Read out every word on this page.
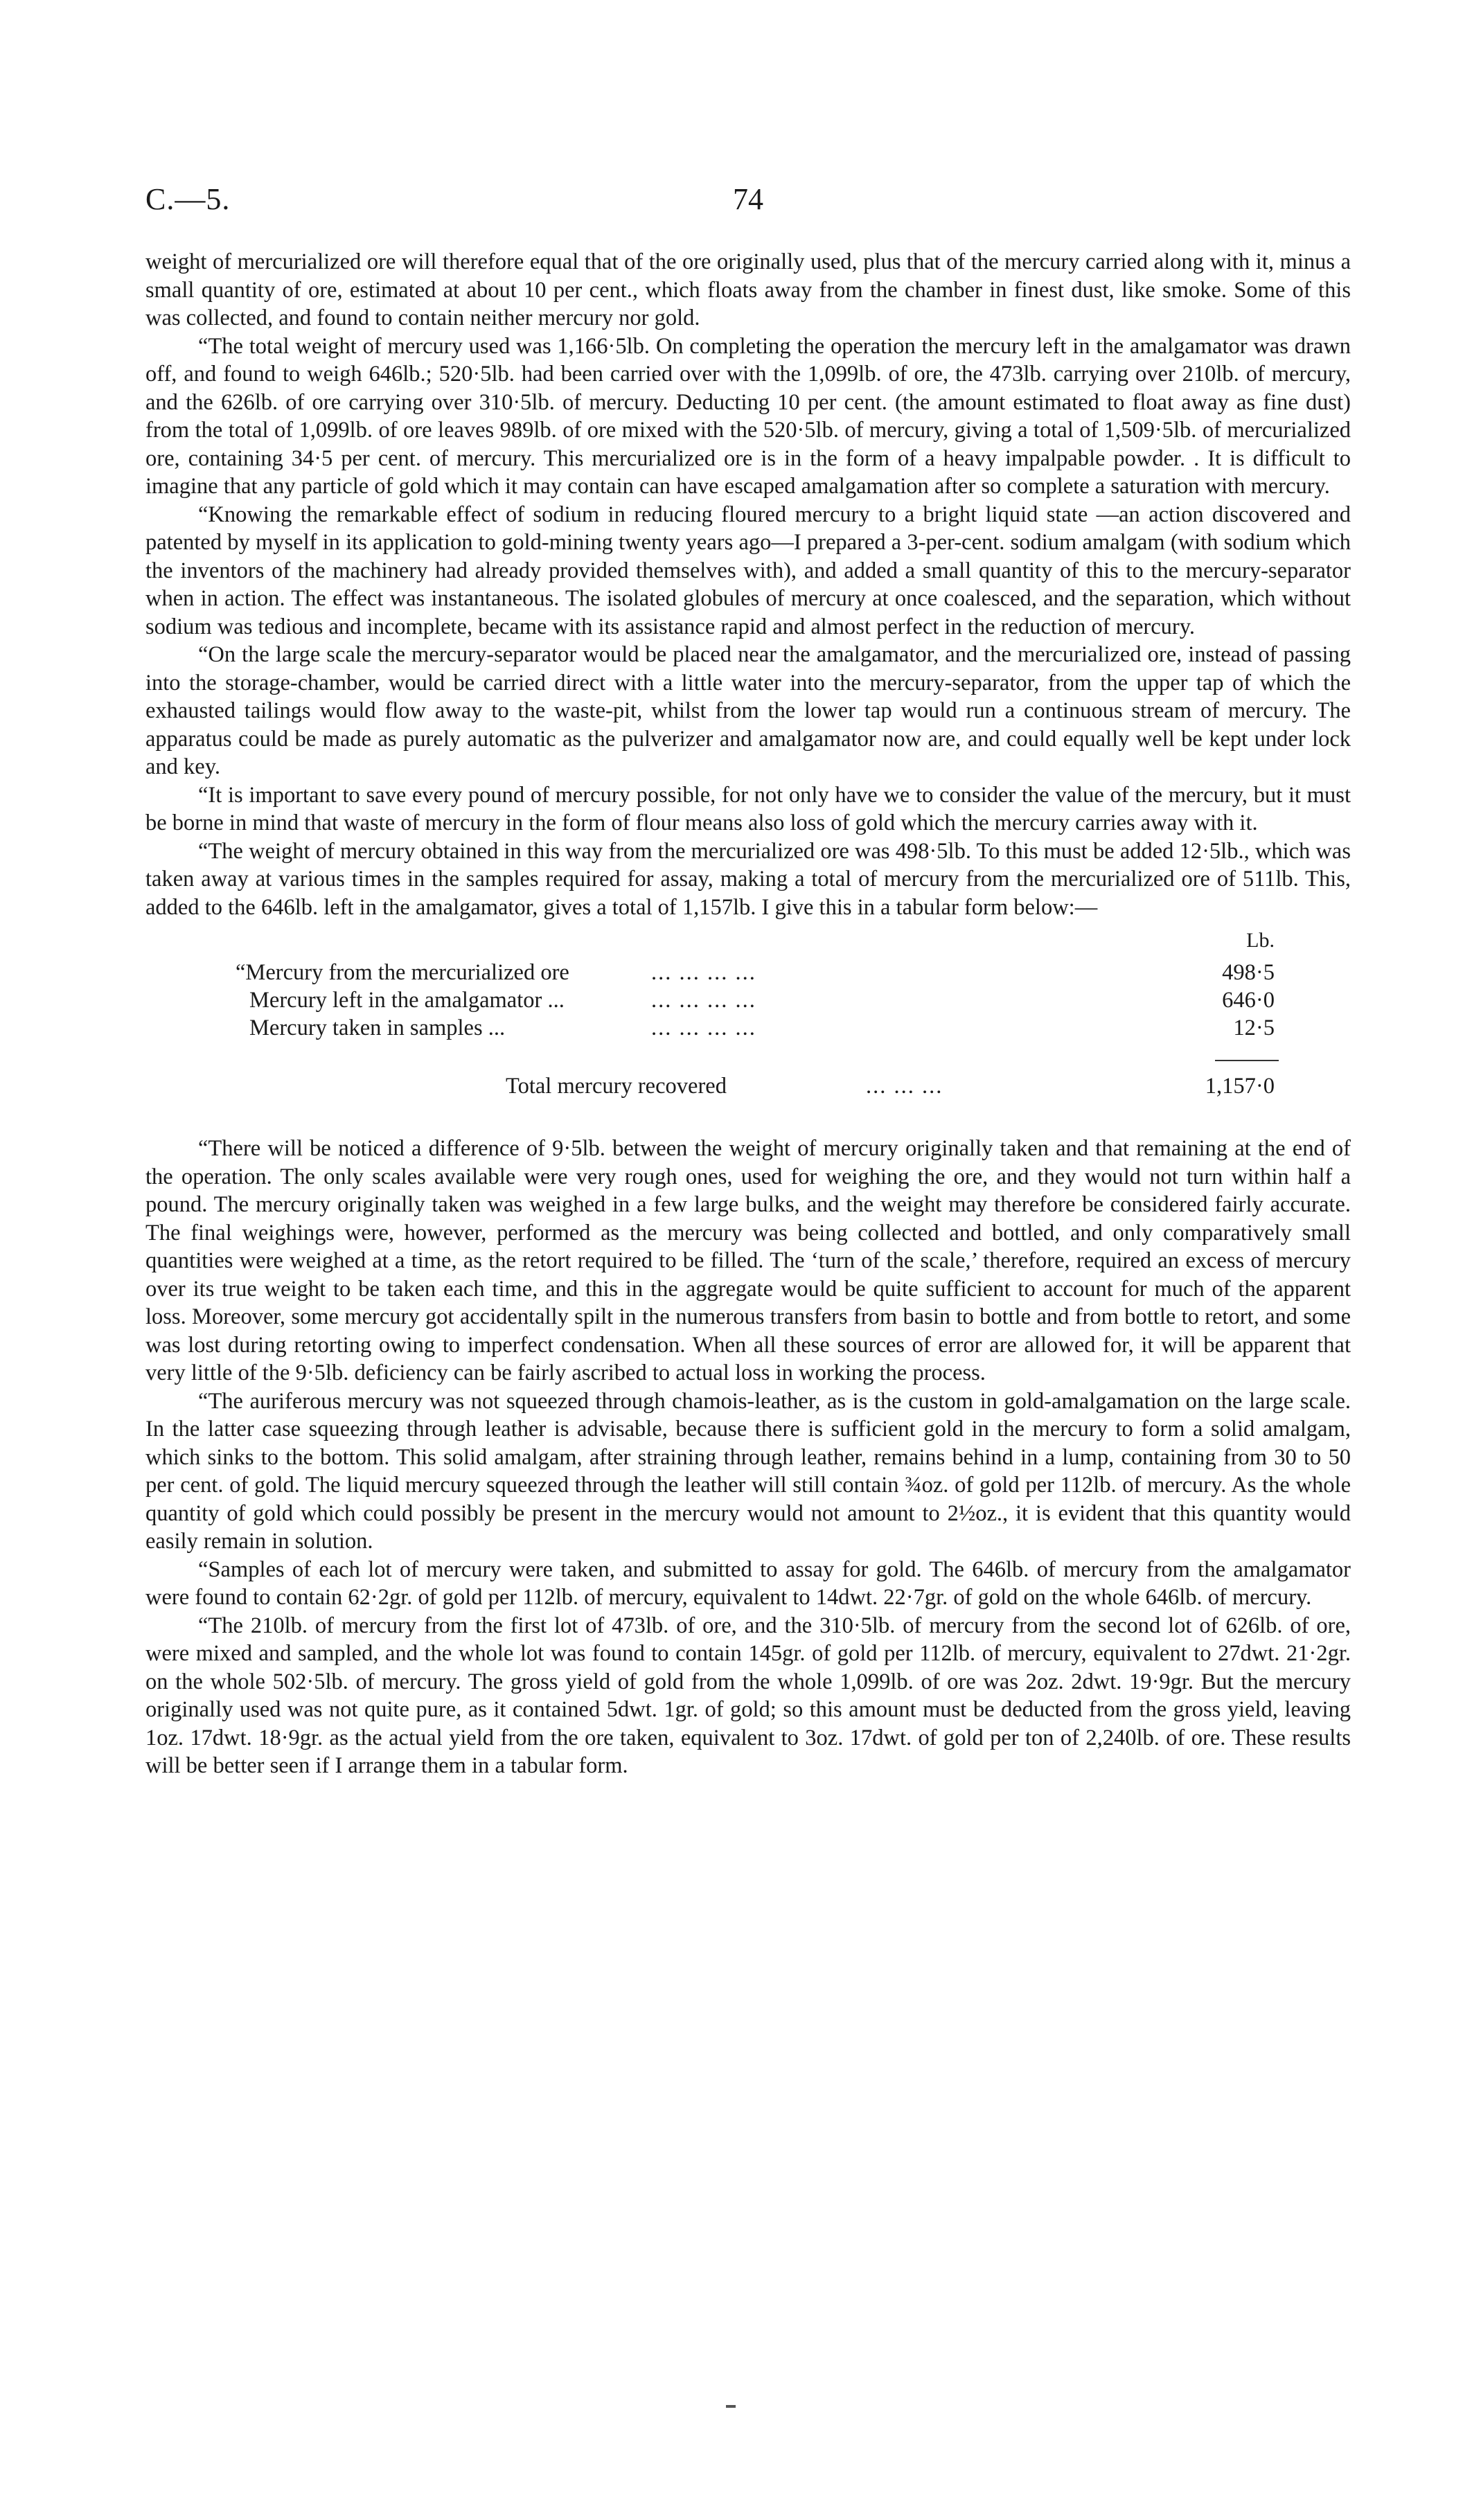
C.—5.	74

weight of mercurialized ore will therefore equal that of the ore originally used, plus that of the mercury carried along with it, minus a small quantity of ore, estimated at about 10 per cent., which floats away from the chamber in finest dust, like smoke. Some of this was collected, and found to contain neither mercury nor gold.

“The total weight of mercury used was 1,166·5lb. On completing the operation the mercury left in the amalgamator was drawn off, and found to weigh 646lb.; 520·5lb. had been carried over with the 1,099lb. of ore, the 473lb. carrying over 210lb. of mercury, and the 626lb. of ore carrying over 310·5lb. of mercury. Deducting 10 per cent. (the amount estimated to float away as fine dust) from the total of 1,099lb. of ore leaves 989lb. of ore mixed with the 520·5lb. of mercury, giving a total of 1,509·5lb. of mercurialized ore, containing 34·5 per cent. of mercury. This mercurialized ore is in the form of a heavy impalpable powder. . It is difficult to imagine that any particle of gold which it may contain can have escaped amalgamation after so complete a saturation with mercury.

“Knowing the remarkable effect of sodium in reducing floured mercury to a bright liquid state —an action discovered and patented by myself in its application to gold-mining twenty years ago—I prepared a 3-per-cent. sodium amalgam (with sodium which the inventors of the machinery had already provided themselves with), and added a small quantity of this to the mercury-separator when in action. The effect was instantaneous. The isolated globules of mercury at once coalesced, and the separation, which without sodium was tedious and incomplete, became with its assistance rapid and almost perfect in the reduction of mercury.

“On the large scale the mercury-separator would be placed near the amalgamator, and the mercurialized ore, instead of passing into the storage-chamber, would be carried direct with a little water into the mercury-separator, from the upper tap of which the exhausted tailings would flow away to the waste-pit, whilst from the lower tap would run a continuous stream of mercury. The apparatus could be made as purely automatic as the pulverizer and amalgamator now are, and could equally well be kept under lock and key.

“It is important to save every pound of mercury possible, for not only have we to consider the value of the mercury, but it must be borne in mind that waste of mercury in the form of flour means also loss of gold which the mercury carries away with it.

“The weight of mercury obtained in this way from the mercurialized ore was 498·5lb. To this must be added 12·5lb., which was taken away at various times in the samples required for assay, making a total of mercury from the mercurialized ore of 511lb. This, added to the 646lb. left in the amalgamator, gives a total of 1,157lb. I give this in a tabular form below:—

Lb.
“Mercury from the mercurialized ore	... ... ... ...	498·5
Mercury left in the amalgamator ...	... ... ... ...	646·0
Mercury taken in samples ...	... ... ... ...	12·5
Total mercury recovered	... ... ...	1,157·0

“There will be noticed a difference of 9·5lb. between the weight of mercury originally taken and that remaining at the end of the operation. The only scales available were very rough ones, used for weighing the ore, and they would not turn within half a pound. The mercury originally taken was weighed in a few large bulks, and the weight may therefore be considered fairly accurate. The final weighings were, however, performed as the mercury was being collected and bottled, and only comparatively small quantities were weighed at a time, as the retort required to be filled. The ‘turn of the scale,’ therefore, required an excess of mercury over its true weight to be taken each time, and this in the aggregate would be quite sufficient to account for much of the apparent loss. Moreover, some mercury got accidentally spilt in the numerous transfers from basin to bottle and from bottle to retort, and some was lost during retorting owing to imperfect condensation. When all these sources of error are allowed for, it will be apparent that very little of the 9·5lb. deficiency can be fairly ascribed to actual loss in working the process.

“The auriferous mercury was not squeezed through chamois-leather, as is the custom in gold-amalgamation on the large scale. In the latter case squeezing through leather is advisable, because there is sufficient gold in the mercury to form a solid amalgam, which sinks to the bottom. This solid amalgam, after straining through leather, remains behind in a lump, containing from 30 to 50 per cent. of gold. The liquid mercury squeezed through the leather will still contain ¾oz. of gold per 112lb. of mercury. As the whole quantity of gold which could possibly be present in the mercury would not amount to 2½oz., it is evident that this quantity would easily remain in solution.

“Samples of each lot of mercury were taken, and submitted to assay for gold. The 646lb. of mercury from the amalgamator were found to contain 62·2gr. of gold per 112lb. of mercury, equivalent to 14dwt. 22·7gr. of gold on the whole 646lb. of mercury.

“The 210lb. of mercury from the first lot of 473lb. of ore, and the 310·5lb. of mercury from the second lot of 626lb. of ore, were mixed and sampled, and the whole lot was found to contain 145gr. of gold per 112lb. of mercury, equivalent to 27dwt. 21·2gr. on the whole 502·5lb. of mercury. The gross yield of gold from the whole 1,099lb. of ore was 2oz. 2dwt. 19·9gr. But the mercury originally used was not quite pure, as it contained 5dwt. 1gr. of gold; so this amount must be deducted from the gross yield, leaving 1oz. 17dwt. 18·9gr. as the actual yield from the ore taken, equivalent to 3oz. 17dwt. of gold per ton of 2,240lb. of ore. These results will be better seen if I arrange them in a tabular form.
